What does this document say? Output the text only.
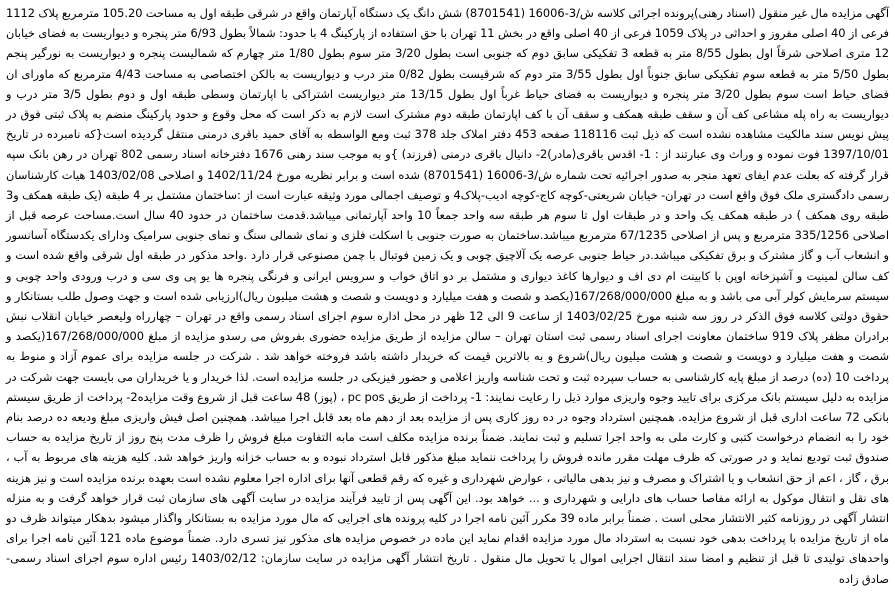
آگهی مزایده مال غیر منقول (اسناد رهنی)پرونده اجرائی کلاسه ش/3-16006 (8701541) شش دانگ یک دستگاه آپارتمان واقع در شرقی طبقه اول به مساحت 105.20 مترمربع پلاک 1112 فرعی از 40 اصلی مفروز و احداثی در پلاک 1059 فرعی از 40 اصلی واقع در بخش 11 تهران با حق استفاده از پارکینگ 4 با حدود: شمالاً بطول 6/93 متر پنجره و دیواریست به فضای خیابان 12 متری اصلاحی شرقاً اول بطول 8/55 متر به قطعه 3 تفکیکی سابق دوم که جنوبی است بطول 3/20 متر سوم بطول 1/80 متر چهارم که شمالیست پنجره و دیواریست به نورگیر پنجم بطول 5/50 متر به قطعه سوم تفکیکی سابق جنوباً اول بطول 3/55 متر دوم که شرقیست بطول 0/82 متر درب و دیواریست به بالکن اختصاصی به مساحت 4/43 مترمربع که ماورای ان فضای حیاط است سوم بطول 3/20 متر پنجره و دیواریست به فضای حیاط غرباً اول بطول 13/15 متر دیواریست اشتراکی با اپارتمان وسطی طبقه اول و دوم بطول 3/5 متر درب و دیواریست به راه پله مشاعی کف آن و سقف طبقه همکف و سقف آن با کف اپارتمان طبقه دوم مشترک است لازم به ذکر است که محل وقوع و حدود پارکینگ منضم به پلاک ثبتی فوق در پیش نویس سند مالکیت مشاهده نشده است که ذیل ثبت 118116 صفحه 453 دفتر املاک جلد 378 ثبت ومع الواسطه به آقای حمید باقری درمنی منتقل گردیده است{که نامبرده در تاریخ 1397/10/01 فوت نموده و وراث وی عبارتند از : 1- اقدس باقری(مادر)2- دانیال باقری درمنی (فرزند) }و به موجب سند رهنی 1676 دفترخانه اسناد رسمی 802 تهران در رهن بانک سپه قرار گرفته که بعلت عدم ایفای تعهد منجر به صدور اجرائیه تحت شماره ش/3-16006 (8701541) شده است و برابر نظریه مورخ 1402/11/24 و اصلاحی 1403/02/08 هیات کارشناسان رسمی دادگستری ملک فوق واقع است در تهران- خیابان شریعتی-کوچه کاج-کوچه ادیب-پلاک4 و توصیف اجمالی مورد وثیقه عبارت است از :ساختمان مشتمل بر 4 طبقه (یک طبقه همکف و3 طبقه روی همکف ) در طبقه همکف یک واحد و در طبقات اول تا سوم هر طبقه سه واحد جمعاً 10 واحد آپارتمانی میباشد.قدمت ساختمان در حدود 40 سال است.مساحت عرصه قبل از اصلاحی 335/1256 مترمربع و پس از اصلاحی 67/1235 مترمربع میباشد.ساختمان به صورت جنوبی با اسکلت فلزی و نمای شمالی سنگ و نمای جنوبی سرامیک ودارای یکدستگاه آسانسور و انشعاب آب و گاز مشترک و برق تفکیکی میباشد.در حیاط جنوبی عرصه یک آلاچیق چوبی و یک زمین فوتبال با چمن مصنوعی قرار دارد .واحد مذکور در طبقه اول شرقی واقع شده است و کف سالن لمینیت و آشپزخانه اوپن با کابینت ام دی اف و دیوارها کاغذ دیواری و مشتمل بر دو اتاق خواب و سرویس ایرانی و فرنگی پنجره ها یو پی وی سی و درب ورودی واحد چوبی و سیستم سرمایش کولر آبی می باشد و به مبلغ 167/268/000/000(یکصد و شصت و هفت میلیارد و دویست و شصت و هشت میلیون ریال)ارزیابی شده است و جهت وصول طلب بستانکار و حقوق دولتی کلاسه فوق الذکر در روز سه شنبه مورخ 1403/02/25 از ساعت 9 الی 12 ظهر در محل اداره سوم اجرای اسناد رسمی واقع در تهران – چهارراه ولیعصر خیابان انقلاب نبش برادران مظفر پلاک 919 ساختمان معاونت اجرای اسناد رسمی ثبت استان تهران – سالن مزایده از طریق مزایده حضوری بفروش می رسدو مزایده از مبلغ 167/268/000/000(یکصد و شصت و هفت میلیارد و دویست و شصت و هشت میلیون ریال)شروع و به بالاترین قیمت که خریدار داشته باشد فروخته خواهد شد . شرکت در جلسه مزایده برای عموم آزاد و منوط به پرداخت 10 (ده) درصد از مبلغ پایه کارشناسی به حساب سپرده ثبت و تحت شناسه واریز اعلامی و حضور فیزیکی در جلسه مزایده است. لذا خریدار و یا خریداران می بایست جهت شرکت در مزایده به دلیل سیستم بانک مرکزی برای تایید وجوه واریزی موارد ذیل را رعایت نمایند: 1- پرداخت از طریق pc pos ، (پوز) 48 ساعت قبل از شروع وقت مزایده2- پرداخت از طریق سیستم بانکی 72 ساعت اداری قبل از شروع مزایده. همچنین استرداد وجوه در ده روز کاری پس از مزایده بعد از دهم ماه بعد قابل اجرا میباشد. همچنین اصل فیش واریزی مبلغ ودیعه ده درصد بنام خود را به انضمام درخواست کتبی و کارت ملی به واحد اجرا تسلیم و ثبت نمایند. ضمناً برنده مزایده مکلف است مابه التفاوت مبلغ فروش را ظرف مدت پنج روز از تاریخ مزایده به حساب صندوق ثبت تودیع نماید و در صورتی که ظرف مهلت مقرر مانده فروش را پرداخت ننماید مبلغ مذکور قابل استرداد نبوده و به حساب خزانه واریز خواهد شد. کلیه هزینه های مربوط به آب ، برق ، گاز ، اعم از حق انشعاب و یا اشتراک و مصرف و نیز بدهی مالیاتی ، عوارض شهرداری و غیره که رقم قطعی آنها برای اداره اجرا معلوم نشده است بعهده برنده مزایده است و نیز هزینه های نقل و انتقال موکول به ارائه مفاصا حساب های دارایی و شهرداری و ... خواهد بود. این آگهی پس از تایید فرآیند مزایده در سایت آگهی های سازمان ثبت قرار خواهد گرفت و به منزله انتشار آگهی در روزنامه کثیر الانتشار محلی است . ضمناً برابر ماده 39 مکرر آئین نامه اجرا در کلیه پرونده های اجرایی که مال مورد مزایده به بستانکار واگذار میشود بدهکار میتواند ظرف دو ماه از تاریخ مزایده با پرداخت بدهی خود نسبت به استرداد مال مورد مزایده اقدام نماید این ماده در خصوص مزایده های مذکور نیز تسری دارد. ضمناً موضوع ماده 121 آئین نامه اجرا برای واحدهای تولیدی تا قبل از تنظیم و امضا سند انتقال اجرایی اموال یا تحویل مال منقول . تاریخ انتشار آگهی مزایده در سایت سازمان: 1403/02/12 رئیس اداره سوم اجرای اسناد رسمی- صادق زاده
